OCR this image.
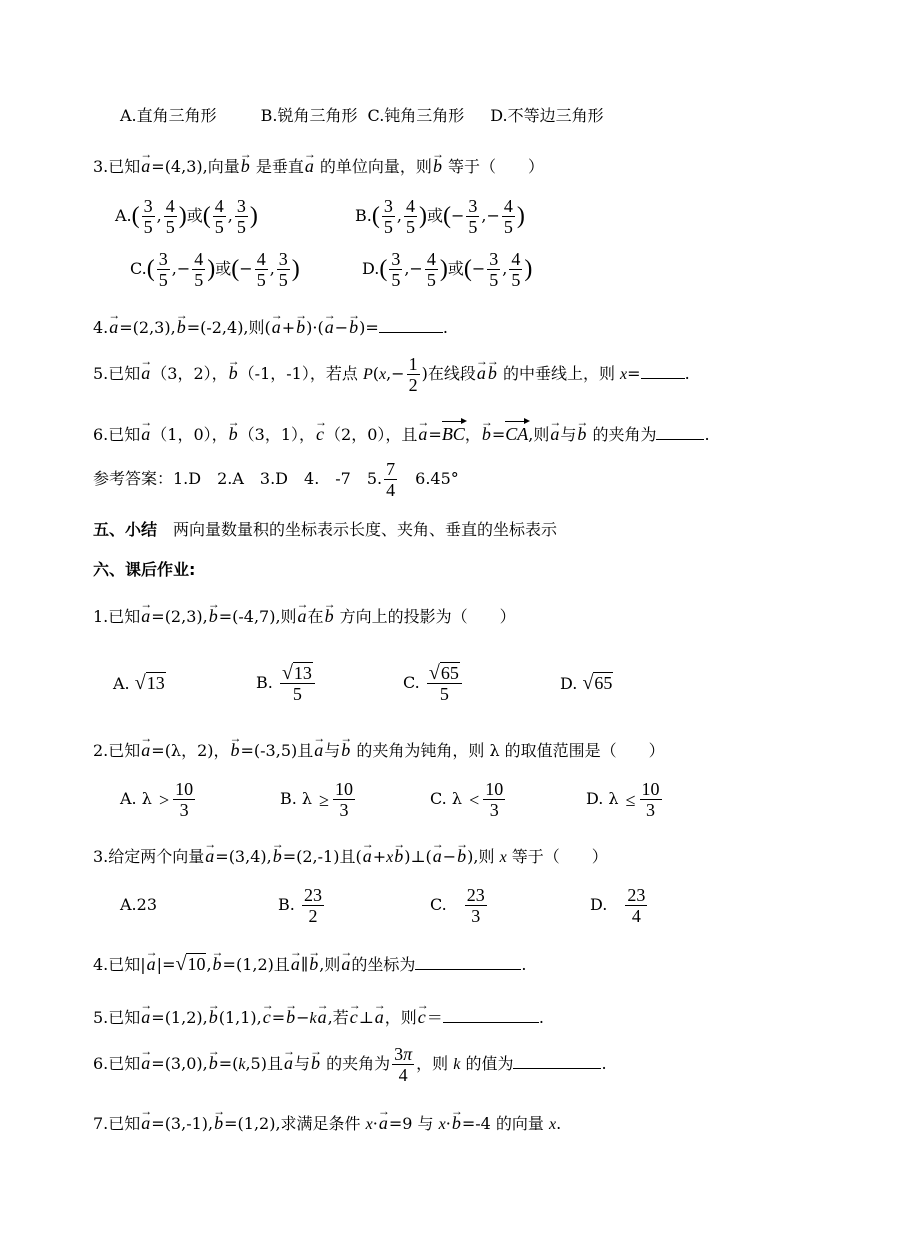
A.直角三角形	B.锐角三角形 C.钝角三角形 D.不等边三角形
3.已知→ a=(4,3),向量→ b 是垂直→ a 的单位向量，则→ b 等于（　　）
$A.( \frac{3}{5}$ , $\frac{4}{5}$ )或( $\frac{4}{5}$ , $\frac{3}{5}$ )	$B.( \frac{3}{5}$ , $\frac{4}{5}$ )或(− $\frac{3}{5}$ ,− $\frac{4}{5}$ )
$C.( \frac{3}{5}$ ,− $\frac{4}{5}$ )或(− $\frac{4}{5}$ , $\frac{3}{5}$ )	$D.( \frac{3}{5}$ ,− $\frac{4}{5}$ )或(− $\frac{3}{5}$ , $\frac{4}{5}$ )
4.→ a=(2,3),→ b=(-2,4),则(→ a+→ b)·(→ a−→ b)=	.
5.已知→ a（3，2），→ b（-1，-1），若点 $P(x,- \frac{1}{2}$ )在线段→ a→ b 的中垂线上，则 x=	.
6.已知→ a（1，0），→ b（3，1），→ c（2，0），且→ a=BC，→ b=CA,则→ a与→ b 的夹角为	.
参考答案：1.D　2.A　3.D　4.　-7　5. $\frac{7}{4}$
　 6.45°
五、小结　 两向量数量积的坐标表示长度、夹角、垂直的坐标表示
六、课后作业:
1.已知→ a=(2,3),→ b=(-4,7),则→ a在→ b 方向上的投影为（　　）
A. √13	B. $\frac{√13}{5}$	C. $\frac{√65}{5}$	D. √65
2.已知→ a=(λ，2)，→ b=(-3,5)且→ a与→ b 的夹角为钝角，则 λ 的取值范围是（　　）
A. $\lambda > \frac{10}{3}$	B. $\lambda \ge \frac{10}{3}$	C. $\lambda < \frac{10}{3}$	D. $\lambda \le \frac{10}{3}$
3.给定两个向量→ a=(3,4),→ b=(2,-1)且(→ a+x→ b)⊥(→ a−→ b),则 x 等于（　　）
A.23	B. $\frac{23}{2}$	C.　 $\frac{23}{3}$	D.　 $\frac{23}{4}$
4.已知|→ a|=√10,→ b=(1,2)且→ a∥→ b,则→ a的坐标为	.
5.已知→ a=(1,2),→ b(1,1),→ c=→ b−k→ a,若→ c⊥→ a，则→ c＝	.
6.已知→ a=(3,0),→ b=(k,5)且→ a与→ b 的夹角为 $\frac{3\pi}{4}$ ，则 k 的值为	.
7.已知→ a=(3,-1),→ b=(1,2),求满足条件 x·→ a=9 与 x·→ b=-4 的向量 x.
